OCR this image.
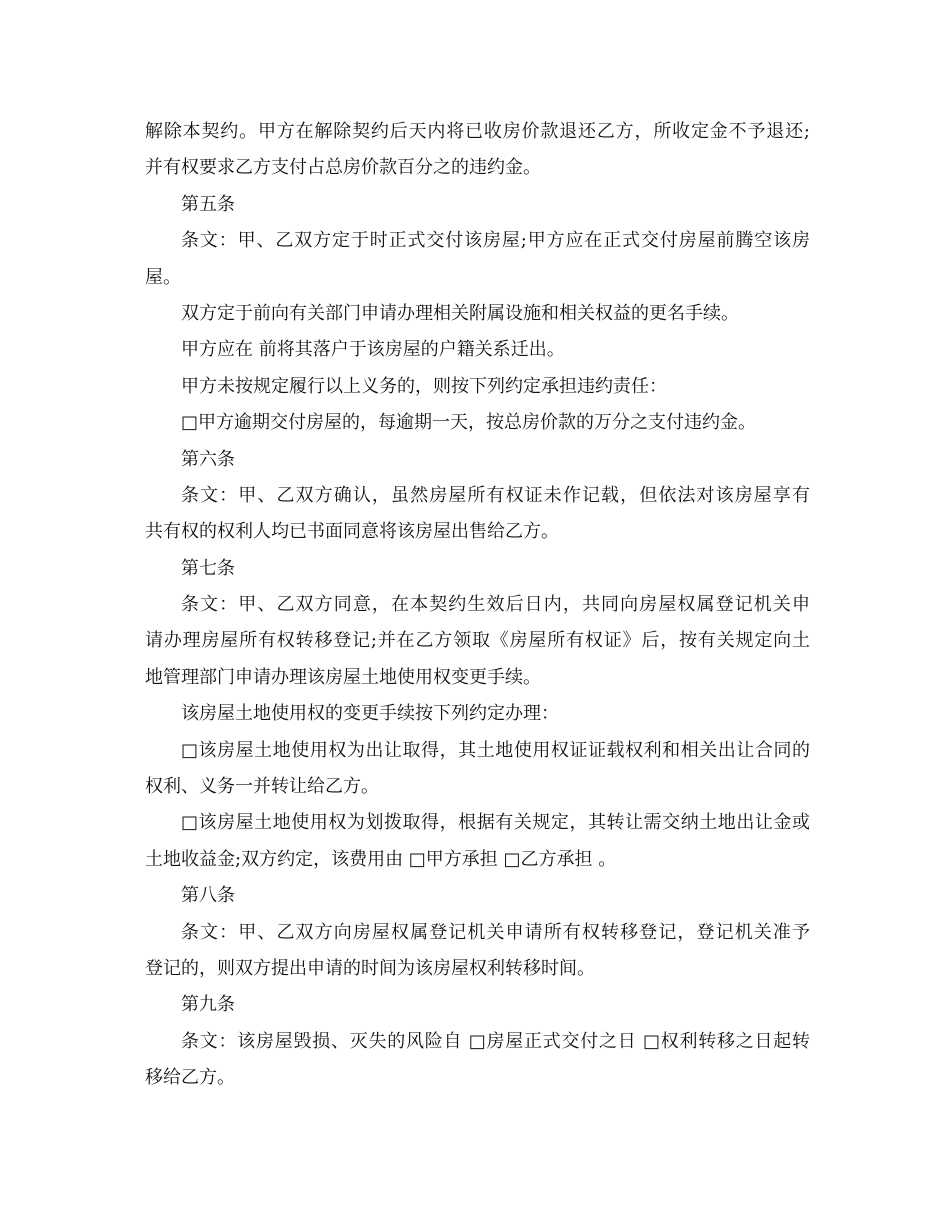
解除本契约。甲方在解除契约后天内将已收房价款退还乙方，所收定金不予退还;

并有权要求乙方支付占总房价款百分之的违约金。

第五条

条文：甲、乙双方定于时正式交付该房屋;甲方应在正式交付房屋前腾空该房

屋。

双方定于前向有关部门申请办理相关附属设施和相关权益的更名手续。

甲方应在 前将其落户于该房屋的户籍关系迁出。

甲方未按规定履行以上义务的，则按下列约定承担违约责任：

□甲方逾期交付房屋的，每逾期一天，按总房价款的万分之支付违约金。

第六条

条文：甲、乙双方确认，虽然房屋所有权证未作记载，但依法对该房屋享有

共有权的权利人均已书面同意将该房屋出售给乙方。

第七条

条文：甲、乙双方同意，在本契约生效后日内，共同向房屋权属登记机关申

请办理房屋所有权转移登记;并在乙方领取《房屋所有权证》后，按有关规定向土

地管理部门申请办理该房屋土地使用权变更手续。

该房屋土地使用权的变更手续按下列约定办理：

□该房屋土地使用权为出让取得，其土地使用权证证载权利和相关出让合同的

权利、义务一并转让给乙方。

□该房屋土地使用权为划拨取得，根据有关规定，其转让需交纳土地出让金或

土地收益金;双方约定，该费用由 □甲方承担 □乙方承担 。

第八条

条文：甲、乙双方向房屋权属登记机关申请所有权转移登记，登记机关准予

登记的，则双方提出申请的时间为该房屋权利转移时间。

第九条

条文：该房屋毁损、灭失的风险自 □房屋正式交付之日 □权利转移之日起转

移给乙方。
